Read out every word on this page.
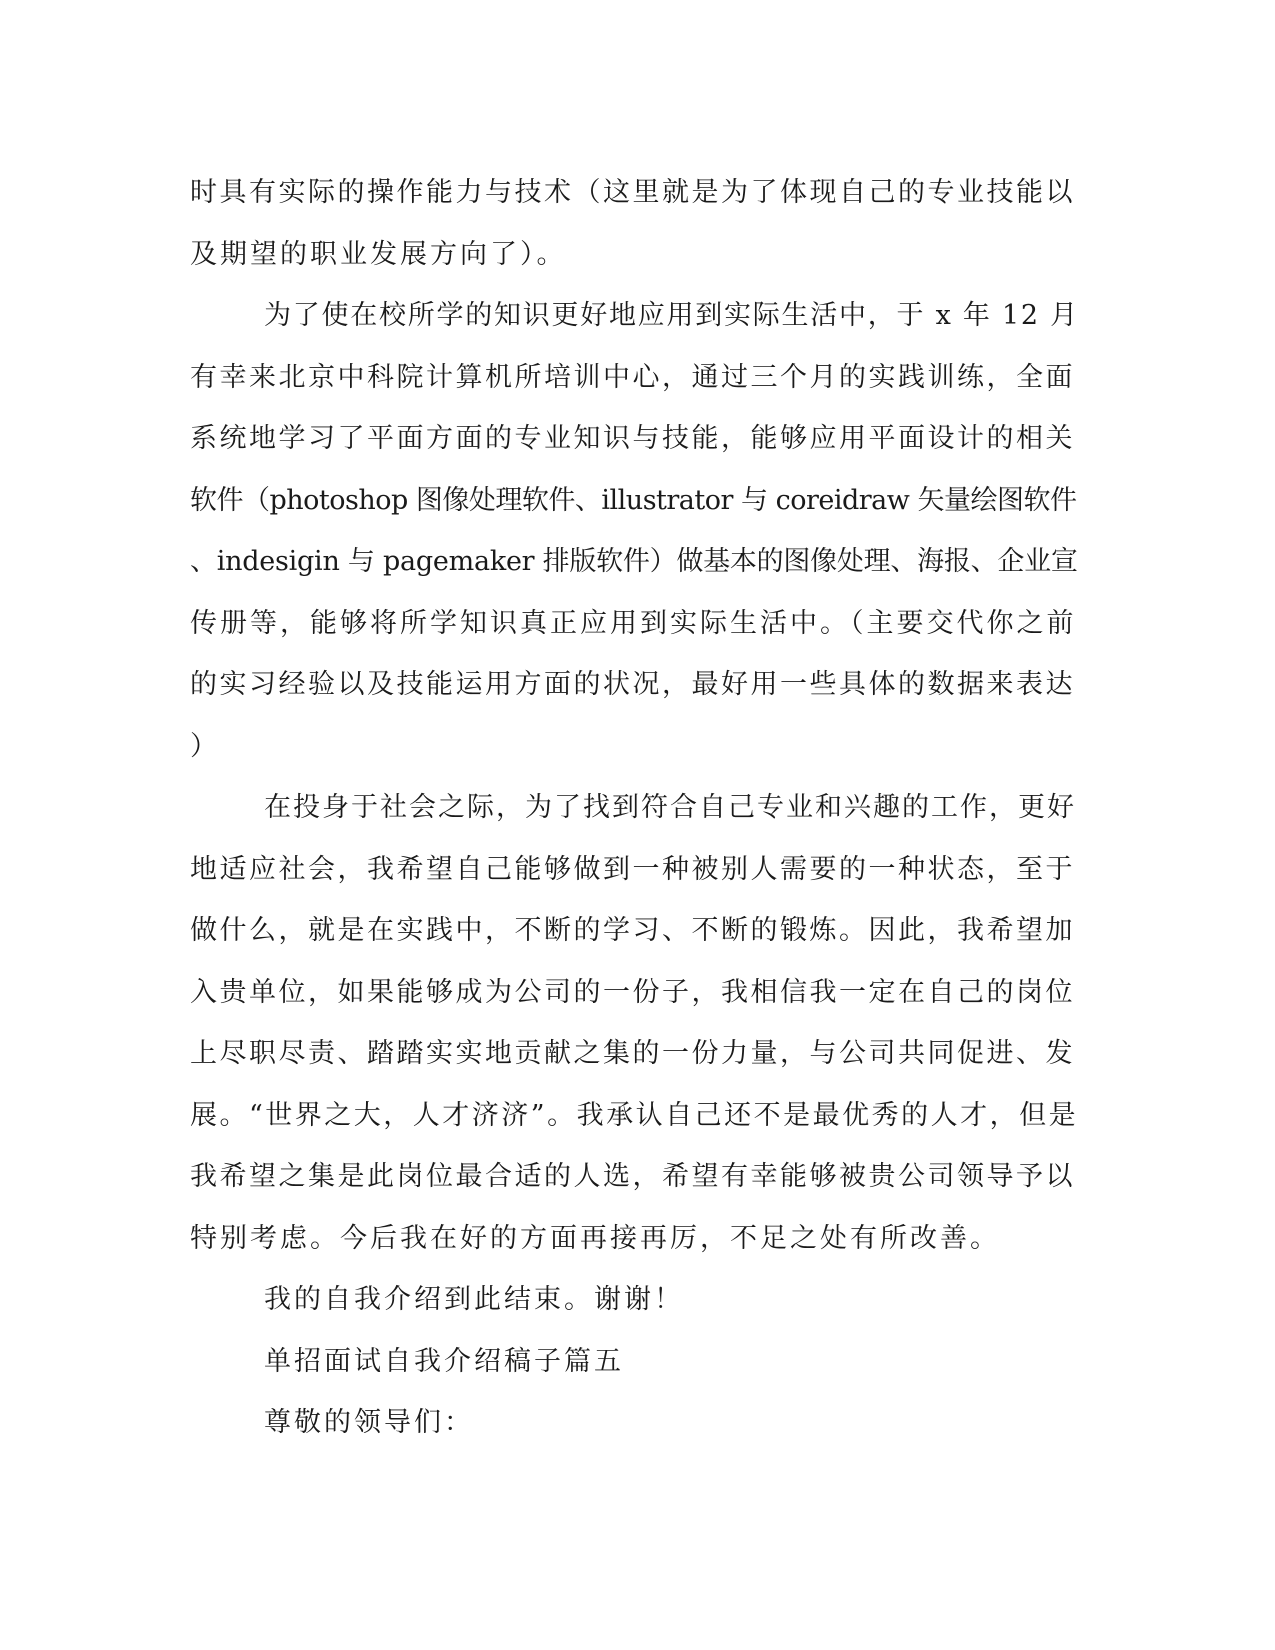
时具有实际的操作能力与技术（这里就是为了体现自己的专业技能以
及期望的职业发展方向了）。
为了使在校所学的知识更好地应用到实际生活中，于 x 年 12 月
有幸来北京中科院计算机所培训中心，通过三个月的实践训练，全面
系统地学习了平面方面的专业知识与技能，能够应用平面设计的相关
软件（photoshop 图像处理软件、illustrator 与 coreidraw 矢量绘图软件
、indesigin 与 pagemaker 排版软件）做基本的图像处理、海报、企业宣
传册等，能够将所学知识真正应用到实际生活中。（主要交代你之前
的实习经验以及技能运用方面的状况，最好用一些具体的数据来表达
）
在投身于社会之际，为了找到符合自己专业和兴趣的工作，更好
地适应社会，我希望自己能够做到一种被别人需要的一种状态，至于
做什么，就是在实践中，不断的学习、不断的锻炼。因此，我希望加
入贵单位，如果能够成为公司的一份子，我相信我一定在自己的岗位
上尽职尽责、踏踏实实地贡献之集的一份力量，与公司共同促进、发
展。“世界之大，人才济济”。我承认自己还不是最优秀的人才，但是
我希望之集是此岗位最合适的人选，希望有幸能够被贵公司领导予以
特别考虑。今后我在好的方面再接再厉，不足之处有所改善。
我的自我介绍到此结束。谢谢！
单招面试自我介绍稿子篇五
尊敬的领导们：
